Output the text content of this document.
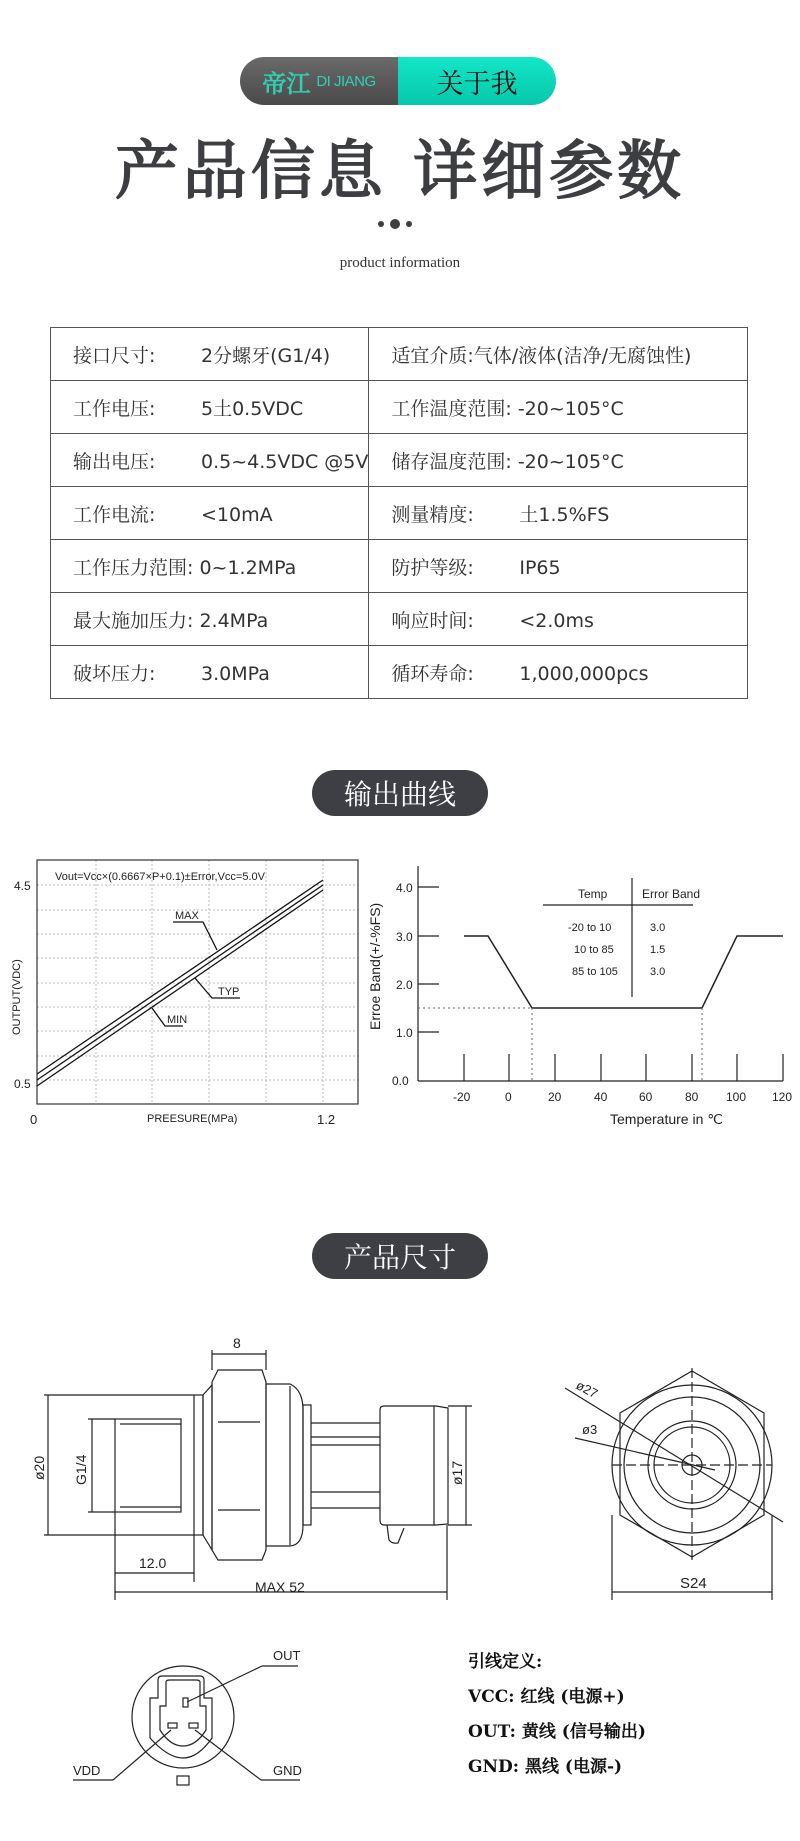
帝江 DI JIANG	关于我
产品信息 详细参数
product information
接口尺寸: 2分螺牙(G1/4)	适宜介质:气体/液体(洁净/无腐蚀性)
工作电压: 5土0.5VDC	工作温度范围: -20~105°C
输出电压: 0.5~4.5VDC @5V	储存温度范围: -20~105°C
工作电流: <10mA	测量精度: 土1.5%FS
工作压力范围: 0~1.2MPa	防护等级: IP65
最大施加压力: 2.4MPa	响应时间: <2.0ms
破坏压力: 3.0MPa	循环寿命: 1,000,000pcs
输出曲线
Vout=Vcc×(0.6667×P+0.1)±Error,Vcc=5.0V
MAX
TYP
MIN
4.5
0.5
0	1.2
PREESURE(MPa)
OUTPUT(VDC)
Temp	Error Band
-20 to 10	3.0
10 to 85	1.5
85 to 105	3.0
4.0
3.0
2.0
1.0
0.0
-20	0	20	40	60	80 100 120
Temperature in ℃
Erroe Band(+/-%FS)
产品尺寸
8
ø20 G1/4
12.0
MAX 52
ø17
ø27
ø3
S24
OUT
VDD	GND
引线定义:
VCC: 红线 (电源+)
OUT: 黄线 (信号输出)
GND: 黑线 (电源-)
